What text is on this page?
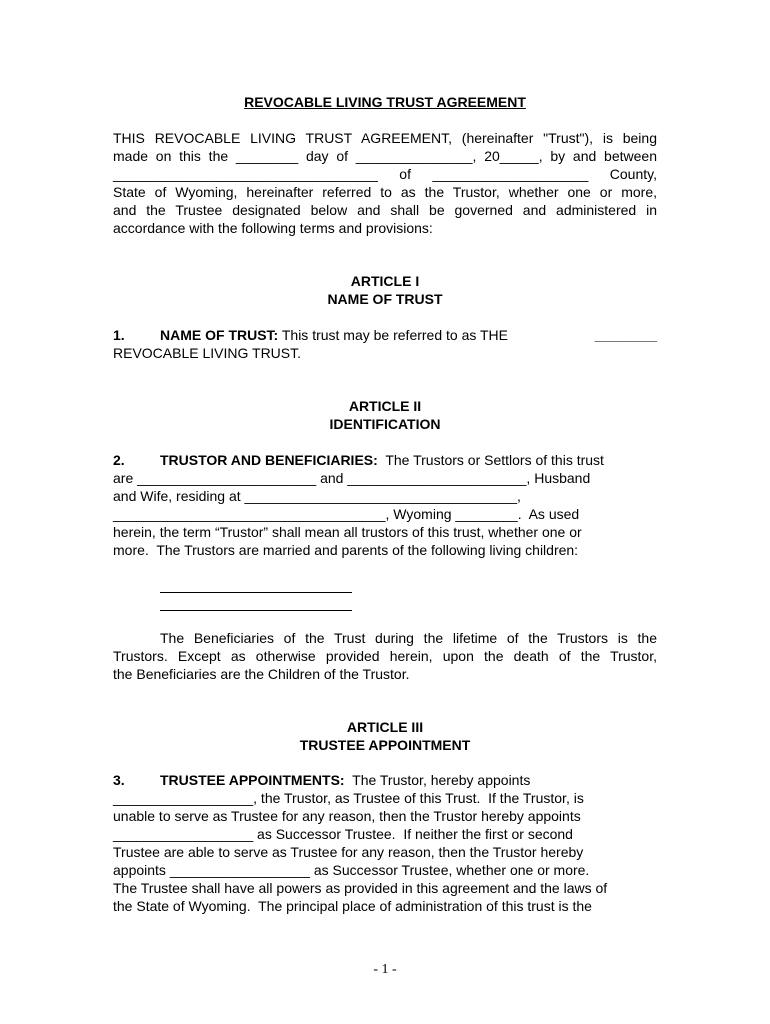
REVOCABLE LIVING TRUST AGREEMENT
THIS REVOCABLE LIVING TRUST AGREEMENT, (hereinafter "Trust"), is being
made on this the ________ day of _______________, 20_____, by and between
__________________________________ of ____________________ County,
State of Wyoming, hereinafter referred to as the Trustor, whether one or more,
and the Trustee designated below and shall be governed and administered in
accordance with the following terms and provisions:
ARTICLE I
NAME OF TRUST
1.	NAME OF TRUST: This trust may be referred to as THE	________
REVOCABLE LIVING TRUST.
ARTICLE II
IDENTIFICATION
2.	TRUSTOR AND BENEFICIARIES:  The Trustors or Settlors of this trust
are _______________________ and _______________________, Husband
and Wife, residing at ___________________________________,
___________________________________, Wyoming ________.  As used
herein, the term “Trustor” shall mean all trustors of this trust, whether one or
more.  The Trustors are married and parents of the following living children:
The Beneficiaries of the Trust during the lifetime of the Trustors is the
Trustors. Except as otherwise provided herein, upon the death of the Trustor,
the Beneficiaries are the Children of the Trustor.
ARTICLE III
TRUSTEE APPOINTMENT
3.	TRUSTEE APPOINTMENTS:  The Trustor, hereby appoints
__________________, the Trustor, as Trustee of this Trust.  If the Trustor, is
unable to serve as Trustee for any reason, then the Trustor hereby appoints
__________________ as Successor Trustee.  If neither the first or second
Trustee are able to serve as Trustee for any reason, then the Trustor hereby
appoints __________________ as Successor Trustee, whether one or more.
The Trustee shall have all powers as provided in this agreement and the laws of
the State of Wyoming.  The principal place of administration of this trust is the
- 1 -
